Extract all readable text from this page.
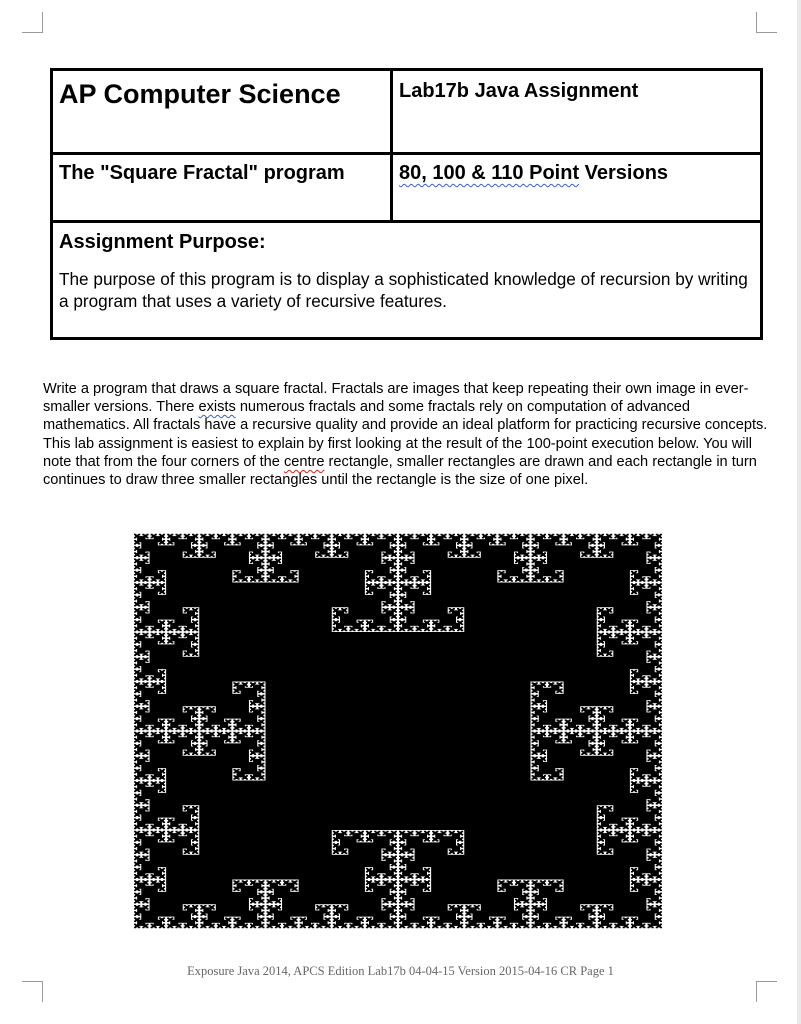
AP Computer Science	Lab17b Java Assignment
The "Square Fractal" program	80, 100 & 110 Point Versions

Assignment Purpose:
The purpose of this program is to display a sophisticated knowledge of recursion by writing a program that uses a variety of recursive features.	
Write a program that draws a square fractal. Fractals are images that keep repeating their own image in ever-smaller versions. There exists numerous fractals and some fractals rely on computation of advanced mathematics. All fractals have a recursive quality and provide an ideal platform for practicing recursive concepts. This lab assignment is easiest to explain by first looking at the result of the 100-point execution below. You will note that from the four corners of the centre rectangle, smaller rectangles are drawn and each rectangle in turn continues to draw three smaller rectangles until the rectangle is the size of one pixel.
Exposure Java 2014, APCS Edition Lab17b 04-04-15 Version 2015-04-16 CR Page 1
